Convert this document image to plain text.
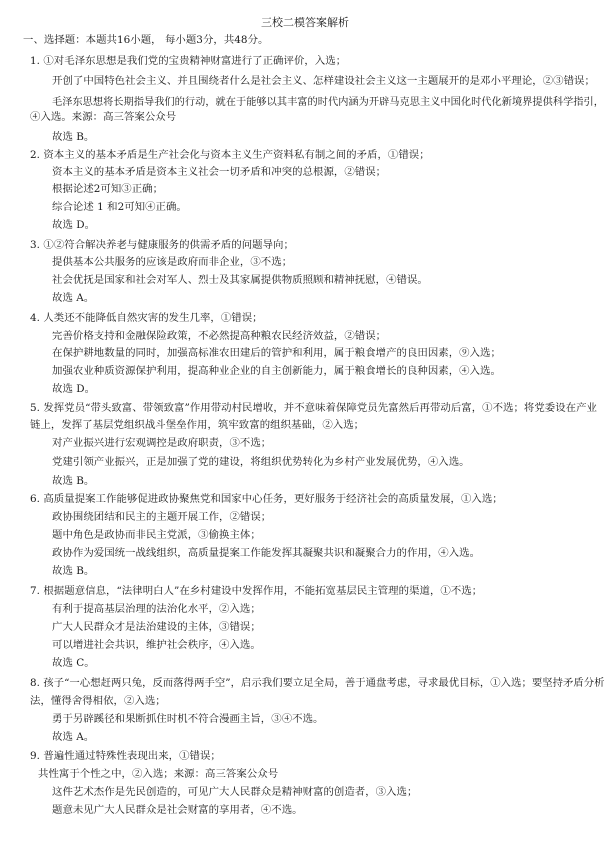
三校二模答案解析
一、选择题：本题共16小题， 每小题3分，共48分。
1. ①对毛泽东思想是我们党的宝贵精神财富进行了正确评价，入选；
开创了中国特色社会主义、并且围绕者什么是社会主义、怎样建设社会主义这一主题展开的是邓小平理论，②③错误；
毛泽东思想将长期指导我们的行动，就在于能够以其丰富的时代内涵为开辟马克思主义中国化时代化新境界提供科学指引，
④入选。来源：高三答案公众号
故选 B。
2. 资本主义的基本矛盾是生产社会化与资本主义生产资料私有制之间的矛盾，①错误；
资本主义的基本矛盾是资本主义社会一切矛盾和冲突的总根源，②错误；
根据论述2可知③正确；
综合论述 1 和2可知④正确。
故选 D。
3. ①②符合解决养老与健康服务的供需矛盾的问题导向；
提供基本公共服务的应该是政府而非企业，③不选；
社会优抚是国家和社会对军人、烈士及其家属提供物质照顾和精神抚慰，④错误。
故选 A。
4. 人类还不能降低自然灾害的发生几率，①错误；
完善价格支持和金融保险政策，不必然提高种粮农民经济效益，②错误；
在保护耕地数量的同时，加强高标准农田建后的管护和利用，属于粮食增产的良田因素，⑨入选；
加强农业种质资源保护利用，提高种业企业的自主创新能力，属于粮食增长的良种因素，④入选。
故选 D。
5. 发挥党员“带头致富、带领致富”作用带动村民增收，并不意味着保障党员先富然后再带动后富，①不选；将党委设在产业
链上，发挥了基层党组织战斗堡垒作用，筑牢致富的组织基础，②入选；
对产业振兴进行宏观调控是政府职责，③不选；
党建引领产业振兴，正是加强了党的建设，将组织优势转化为乡村产业发展优势，④入选。
故选 B。
6. 高质量提案工作能够促进政协聚焦党和国家中心任务，更好服务于经济社会的高质量发展，①入选；
政协围绕团结和民主的主题开展工作，②错误；
题中角色是政协而非民主党派，③偷换主体；
政协作为爱国统一战线组织，高质量提案工作能发挥其凝聚共识和凝聚合力的作用，④入选。
故选 B。
7. 根据题意信息，“法律明白人”在乡村建设中发挥作用，不能拓宽基层民主管理的渠道，①不选；
有利于提高基层治理的法治化水平，②入选；
广大人民群众才是法治建设的主体，③错误；
可以增进社会共识，维护社会秩序，④入选。
故选 C。
8. 孩子“一心想赶两只兔，反而落得两手空”，启示我们要立足全局，善于通盘考虑，寻求最优目标，①入选；要坚持矛盾分析
法，懂得舍得相依，②入选；
勇于另辟蹊径和果断抓住时机不符合漫画主旨，③④不选。
故选 A。
9. 普遍性通过特殊性表现出来，①错误；
共性寓于个性之中，②入选；来源：高三答案公众号
这件艺术杰作是先民创造的，可见广大人民群众是精神财富的创造者，③入选；
题意未见广大人民群众是社会财富的享用者，④不选。
